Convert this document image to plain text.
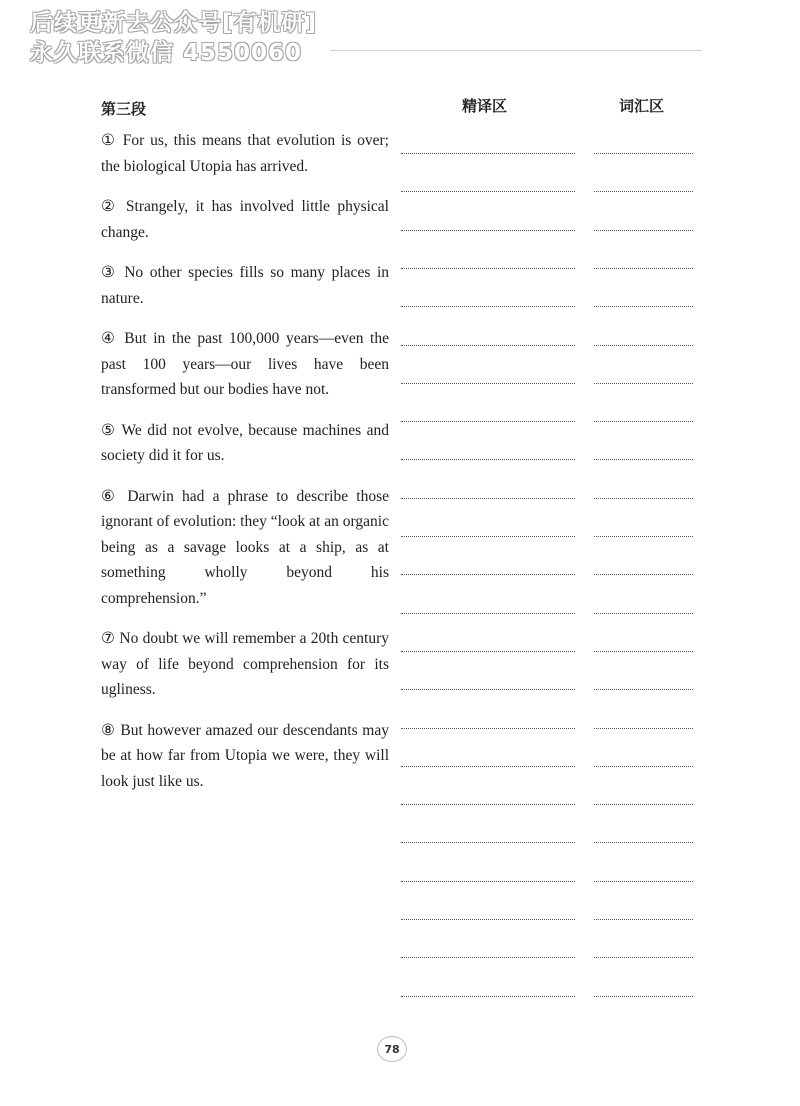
后续更新去公众号[有机研]
永久联系微信 4550060
第三段	精译区	词汇区

① For us, this means that evolution is over; the biological Utopia has arrived.

② Strangely, it has involved little physical change.

③ No other species fills so many places in nature.

④ But in the past 100,000 years—even the past 100 years—our lives have been transformed but our bodies have not.

⑤ We did not evolve, because machines and society did it for us.

⑥ Darwin had a phrase to describe those ignorant of evolution: they “look at an organic being as a savage looks at a ship, as at something wholly beyond his comprehension.”

⑦ No doubt we will remember a 20th century way of life beyond comprehension for its ugliness.

⑧ But however amazed our descendants may be at how far from Utopia we were, they will look just like us.

78
